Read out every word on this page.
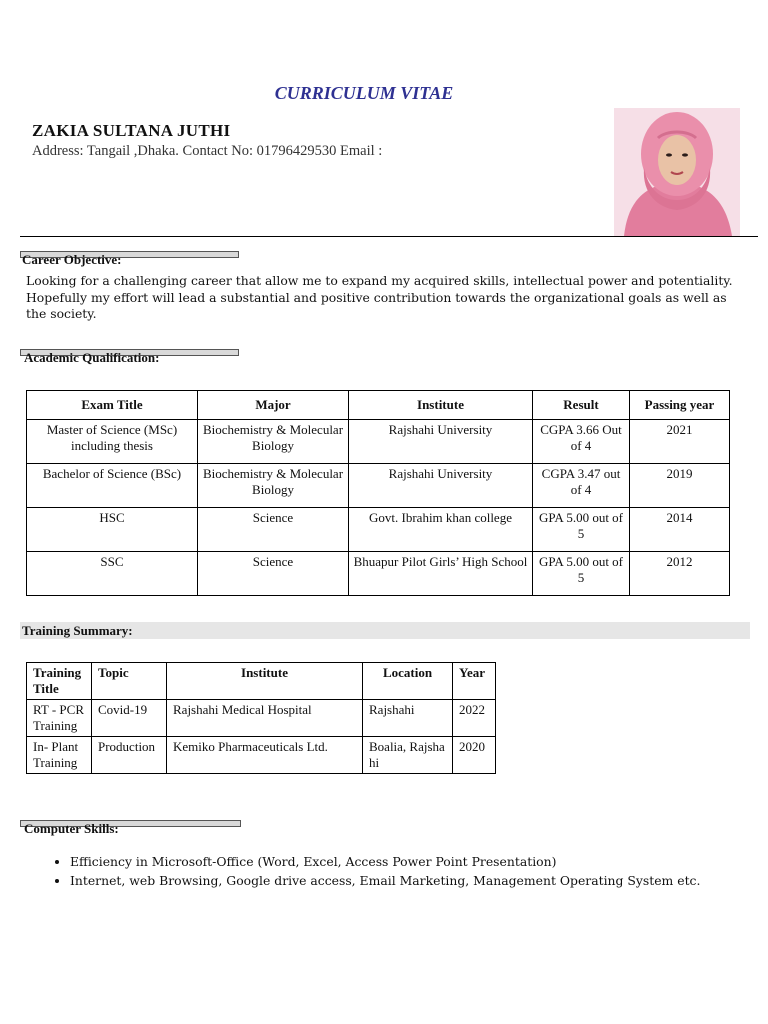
CURRICULUM VITAE
ZAKIA SULTANA JUTHI
Address: Tangail ,Dhaka. Contact No: 01796429530 Email :
Career Objective:
Looking for a challenging career that allow me to expand my acquired skills, intellectual power and potentiality. Hopefully my effort will lead a substantial and positive contribution towards the organizational goals as well as the society.
Academic Qualification:
Exam Title	Major	Institute	Result	Passing year
Master of Science (MSc) including thesis	Biochemistry & Molecular Biology	Rajshahi University	CGPA 3.66 Out of 4	2021
Bachelor of Science (BSc)	Biochemistry & Molecular Biology	Rajshahi University	CGPA 3.47 out of 4	2019
HSC	Science	Govt. Ibrahim khan college	GPA 5.00 out of 5	2014
SSC	Science	Bhuapur Pilot Girls’ High School	GPA 5.00 out of 5	2012
Training Summary:
Training Title	Topic	Institute	Location	Year
RT - PCR Training	Covid-19	Rajshahi Medical Hospital	Rajshahi	2022
In- Plant Training	Production	Kemiko Pharmaceuticals Ltd.	Boalia, Rajshahi	2020
Computer Skills:
• Efficiency in Microsoft-Office (Word, Excel, Access Power Point Presentation)
• Internet, web Browsing, Google drive access, Email Marketing, Management Operating System etc.
